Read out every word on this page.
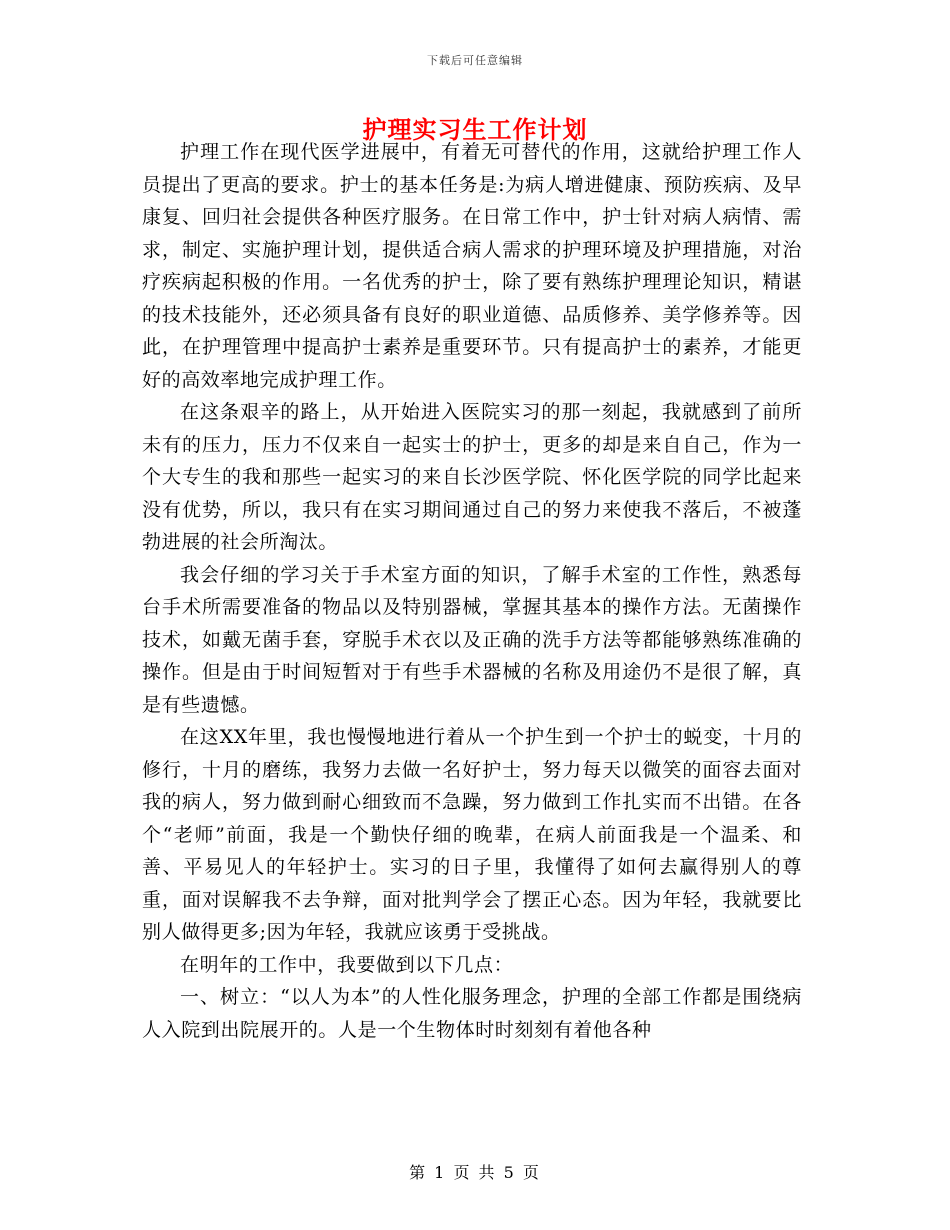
下载后可任意编辑
护理实习生工作计划

护理工作在现代医学进展中，有着无可替代的作用，这就给护理工作人员提出了更高的要求。护士的基本任务是:为病人增进健康、预防疾病、及早康复、回归社会提供各种医疗服务。在日常工作中，护士针对病人病情、需求，制定、实施护理计划，提供适合病人需求的护理环境及护理措施，对治疗疾病起积极的作用。一名优秀的护士，除了要有熟练护理理论知识，精谌的技术技能外，还必须具备有良好的职业道德、品质修养、美学修养等。因此，在护理管理中提高护士素养是重要环节。只有提高护士的素养，才能更好的高效率地完成护理工作。

在这条艰辛的路上，从开始进入医院实习的那一刻起，我就感到了前所未有的压力，压力不仅来自一起实士的护士，更多的却是来自自己，作为一个大专生的我和那些一起实习的来自长沙医学院、怀化医学院的同学比起来没有优势，所以，我只有在实习期间通过自己的努力来使我不落后，不被蓬勃进展的社会所淘汰。

我会仔细的学习关于手术室方面的知识，了解手术室的工作性，熟悉每台手术所需要准备的物品以及特别器械，掌握其基本的操作方法。无菌操作技术，如戴无菌手套，穿脱手术衣以及正确的洗手方法等都能够熟练准确的操作。但是由于时间短暂对于有些手术器械的名称及用途仍不是很了解，真是有些遗憾。

在这XX年里，我也慢慢地进行着从一个护生到一个护士的蜕变，十月的修行，十月的磨练，我努力去做一名好护士，努力每天以微笑的面容去面对我的病人，努力做到耐心细致而不急躁，努力做到工作扎实而不出错。在各个“老师”前面，我是一个勤快仔细的晚辈，在病人前面我是一个温柔、和善、平易见人的年轻护士。实习的日子里，我懂得了如何去赢得别人的尊重，面对误解我不去争辩，面对批判学会了摆正心态。因为年轻，我就要比别人做得更多;因为年轻，我就应该勇于受挑战。

在明年的工作中，我要做到以下几点：

一、树立：“以人为本”的人性化服务理念，护理的全部工作都是围绕病人入院到出院展开的。人是一个生物体时时刻刻有着他各种

第 1 页 共 5 页
